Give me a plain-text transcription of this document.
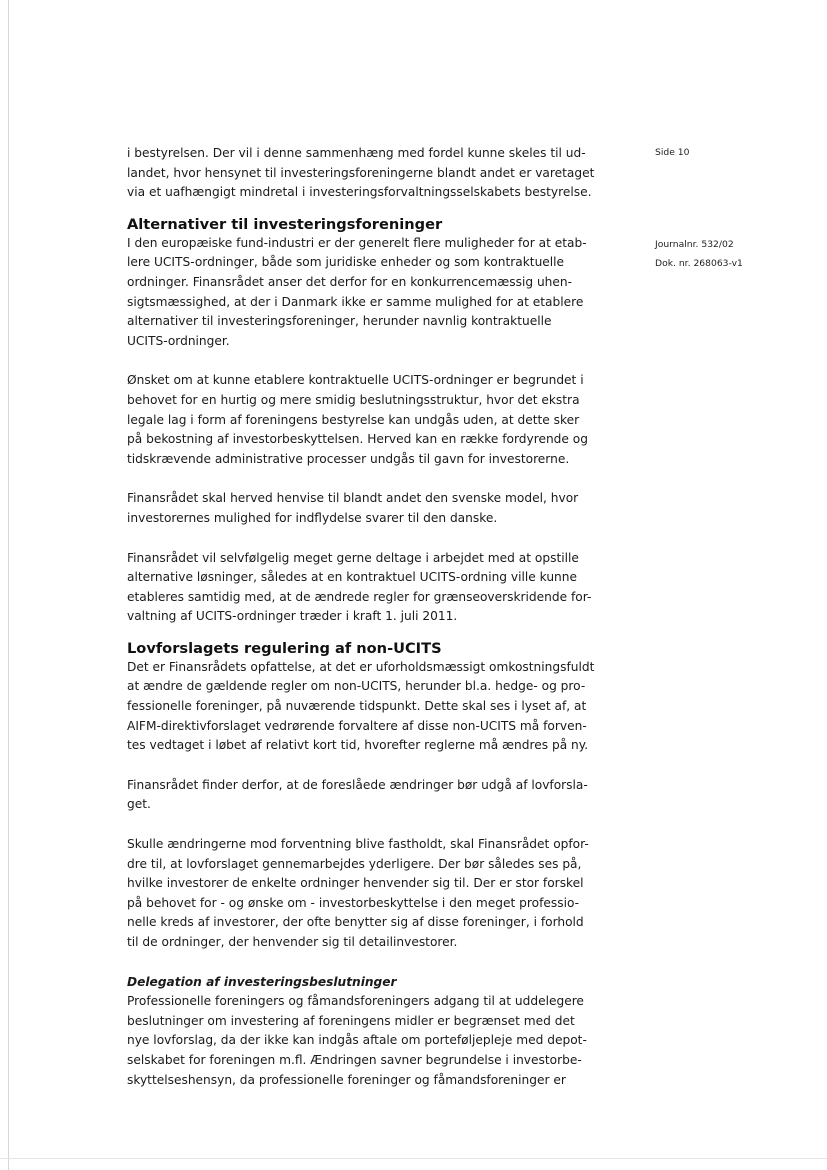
Side 10
Journalnr. 532/02
Dok. nr. 268063-v1

i bestyrelsen. Der vil i denne sammenhæng med fordel kunne skeles til ud-
landet, hvor hensynet til investeringsforeningerne blandt andet er varetaget
via et uafhængigt mindretal i investeringsforvaltningsselskabets bestyrelse.

Alternativer til investeringsforeninger

I den europæiske fund-industri er der generelt flere muligheder for at etab-
lere UCITS-ordninger, både som juridiske enheder og som kontraktuelle
ordninger. Finansrådet anser det derfor for en konkurrencemæssig uhen-
sigtsmæssighed, at der i Danmark ikke er samme mulighed for at etablere
alternativer til investeringsforeninger, herunder navnlig kontraktuelle
UCITS-ordninger.

Ønsket om at kunne etablere kontraktuelle UCITS-ordninger er begrundet i
behovet for en hurtig og mere smidig beslutningsstruktur, hvor det ekstra
legale lag i form af foreningens bestyrelse kan undgås uden, at dette sker
på bekostning af investorbeskyttelsen. Herved kan en række fordyrende og
tidskrævende administrative processer undgås til gavn for investorerne.

Finansrådet skal herved henvise til blandt andet den svenske model, hvor
investorernes mulighed for indflydelse svarer til den danske.

Finansrådet vil selvfølgelig meget gerne deltage i arbejdet med at opstille
alternative løsninger, således at en kontraktuel UCITS-ordning ville kunne
etableres samtidig med, at de ændrede regler for grænseoverskridende for-
valtning af UCITS-ordninger træder i kraft 1. juli 2011.

Lovforslagets regulering af non-UCITS

Det er Finansrådets opfattelse, at det er uforholdsmæssigt omkostningsfuldt
at ændre de gældende regler om non-UCITS, herunder bl.a. hedge- og pro-
fessionelle foreninger, på nuværende tidspunkt. Dette skal ses i lyset af, at
AIFM-direktivforslaget vedrørende forvaltere af disse non-UCITS må forven-
tes vedtaget i løbet af relativt kort tid, hvorefter reglerne må ændres på ny.

Finansrådet finder derfor, at de foreslåede ændringer bør udgå af lovforsla-
get.

Skulle ændringerne mod forventning blive fastholdt, skal Finansrådet opfor-
dre til, at lovforslaget gennemarbejdes yderligere. Der bør således ses på,
hvilke investorer de enkelte ordninger henvender sig til. Der er stor forskel
på behovet for - og ønske om - investorbeskyttelse i den meget professio-
nelle kreds af investorer, der ofte benytter sig af disse foreninger, i forhold
til de ordninger, der henvender sig til detailinvestorer.

Delegation af investeringsbeslutninger

Professionelle foreningers og fåmandsforeningers adgang til at uddelegere
beslutninger om investering af foreningens midler er begrænset med det
nye lovforslag, da der ikke kan indgås aftale om porteføljepleje med depot-
selskabet for foreningen m.fl. Ændringen savner begrundelse i investorbe-
skyttelseshensyn, da professionelle foreninger og fåmandsforeninger er
